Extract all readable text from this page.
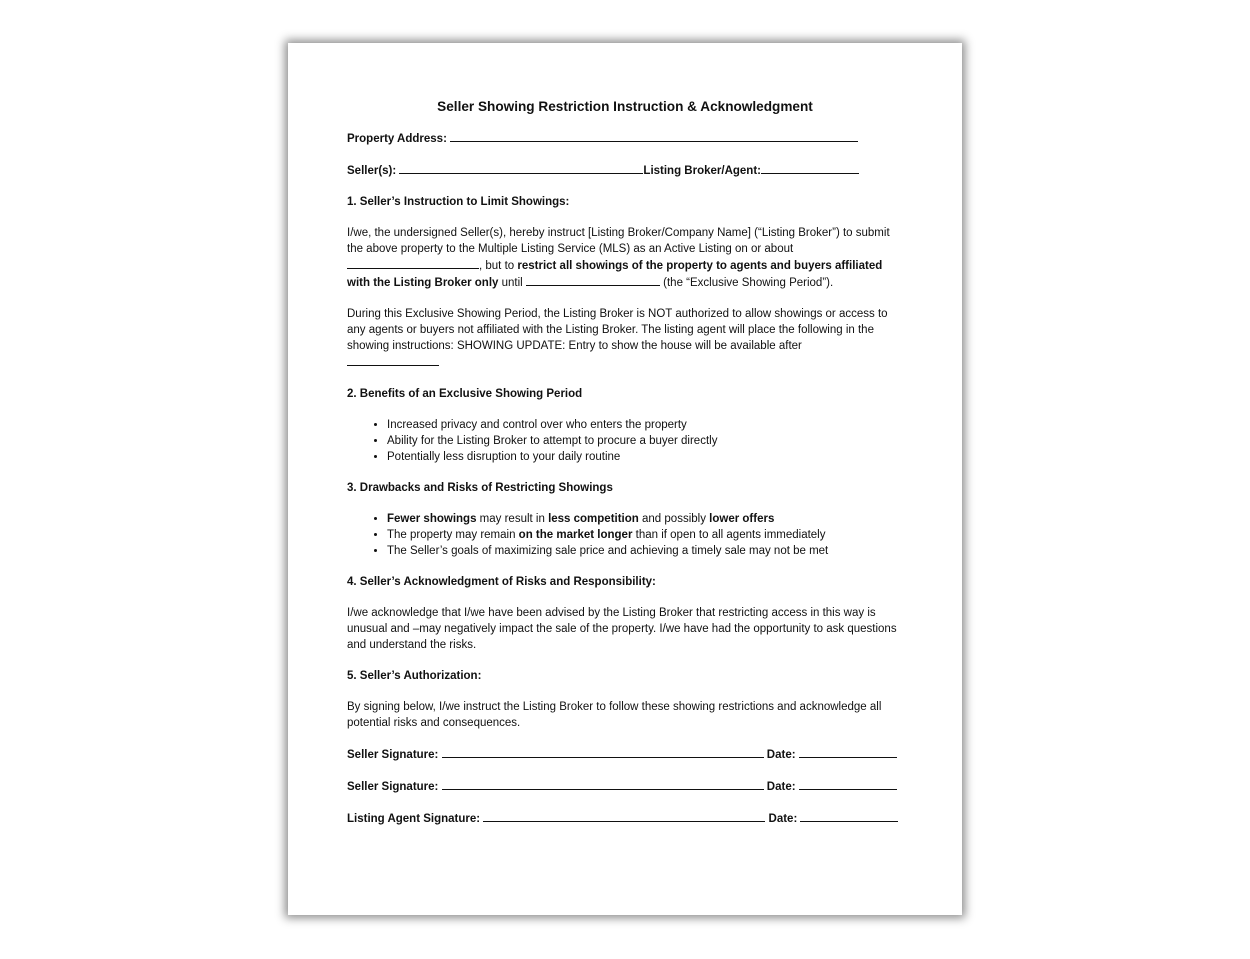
Seller Showing Restriction Instruction & Acknowledgment
Property Address:
Seller(s):	Listing Broker/Agent:
1. Seller’s Instruction to Limit Showings:

I/we, the undersigned Seller(s), hereby instruct [Listing Broker/Company Name] (“Listing Broker”) to submit the above property to the Multiple Listing Service (MLS) as an Active Listing on or about , but to restrict all showings of the property to agents and buyers affiliated with the Listing Broker only until	(the “Exclusive Showing Period”).

During this Exclusive Showing Period, the Listing Broker is NOT authorized to allow showings or access to any agents or buyers not affiliated with the Listing Broker. The listing agent will place the following in the showing instructions: SHOWING UPDATE: Entry to show the house will be available after

2. Benefits of an Exclusive Showing Period
• Increased privacy and control over who enters the property
• Ability for the Listing Broker to attempt to procure a buyer directly
• Potentially less disruption to your daily routine
3. Drawbacks and Risks of Restricting Showings
• Fewer showings may result in less competition and possibly lower offers
• The property may remain on the market longer than if open to all agents immediately
• The Seller’s goals of maximizing sale price and achieving a timely sale may not be met
4. Seller’s Acknowledgment of Risks and Responsibility:

I/we acknowledge that I/we have been advised by the Listing Broker that restricting access in this way is unusual and –may negatively impact the sale of the property. I/we have had the opportunity to ask questions and understand the risks.

5. Seller’s Authorization:

By signing below, I/we instruct the Listing Broker to follow these showing restrictions and acknowledge all potential risks and consequences.

Seller Signature:	Date:
Seller Signature:	Date:
Listing Agent Signature:	Date:
